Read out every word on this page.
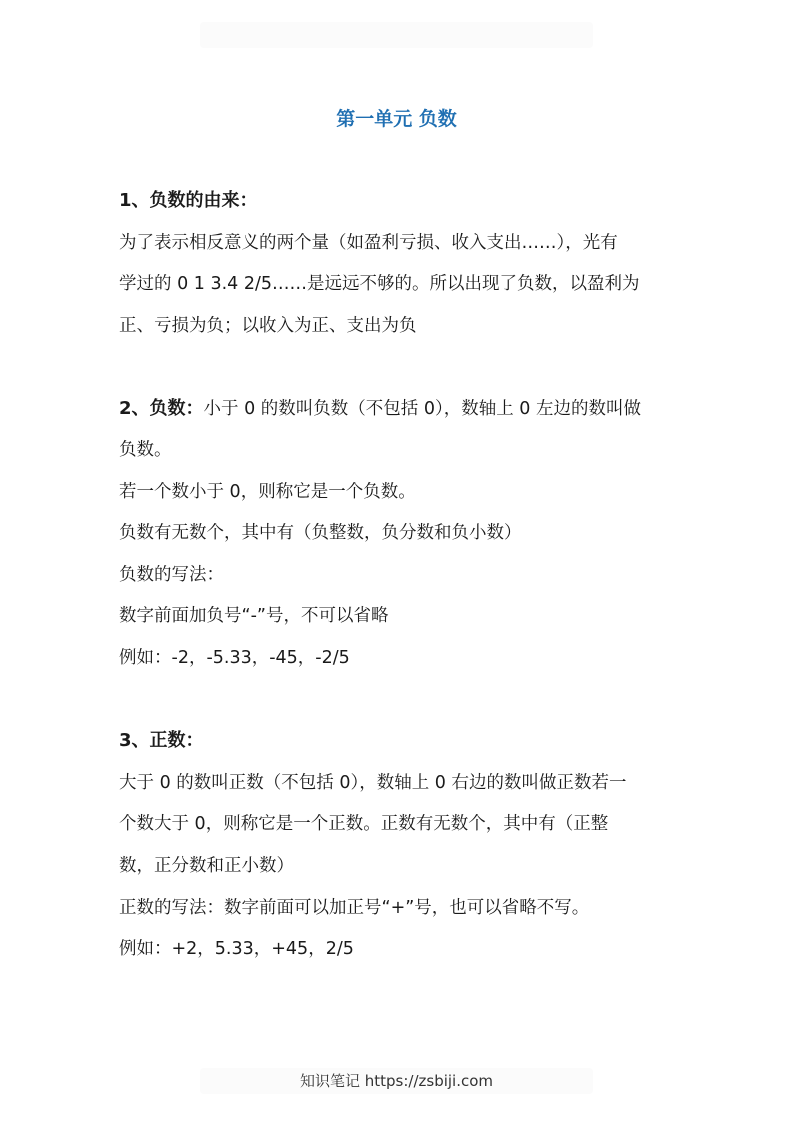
第一单元 负数
1、负数的由来：
为了表示相反意义的两个量（如盈利亏损、收入支出……），光有
学过的 0 1 3.4 2/5……是远远不够的。所以出现了负数，以盈利为
正、亏损为负；以收入为正、支出为负
2、负数：小于 0 的数叫负数（不包括 0），数轴上 0 左边的数叫做
负数。
若一个数小于 0，则称它是一个负数。
负数有无数个，其中有（负整数，负分数和负小数）
负数的写法：
数字前面加负号“-”号，不可以省略
例如：-2，-5.33，-45，-2/5
3、正数：
大于 0 的数叫正数（不包括 0），数轴上 0 右边的数叫做正数若一
个数大于 0，则称它是一个正数。正数有无数个，其中有（正整
数，正分数和正小数）
正数的写法：数字前面可以加正号“+”号，也可以省略不写。
例如：+2，5.33，+45，2/5
知识笔记 https://zsbiji.com
